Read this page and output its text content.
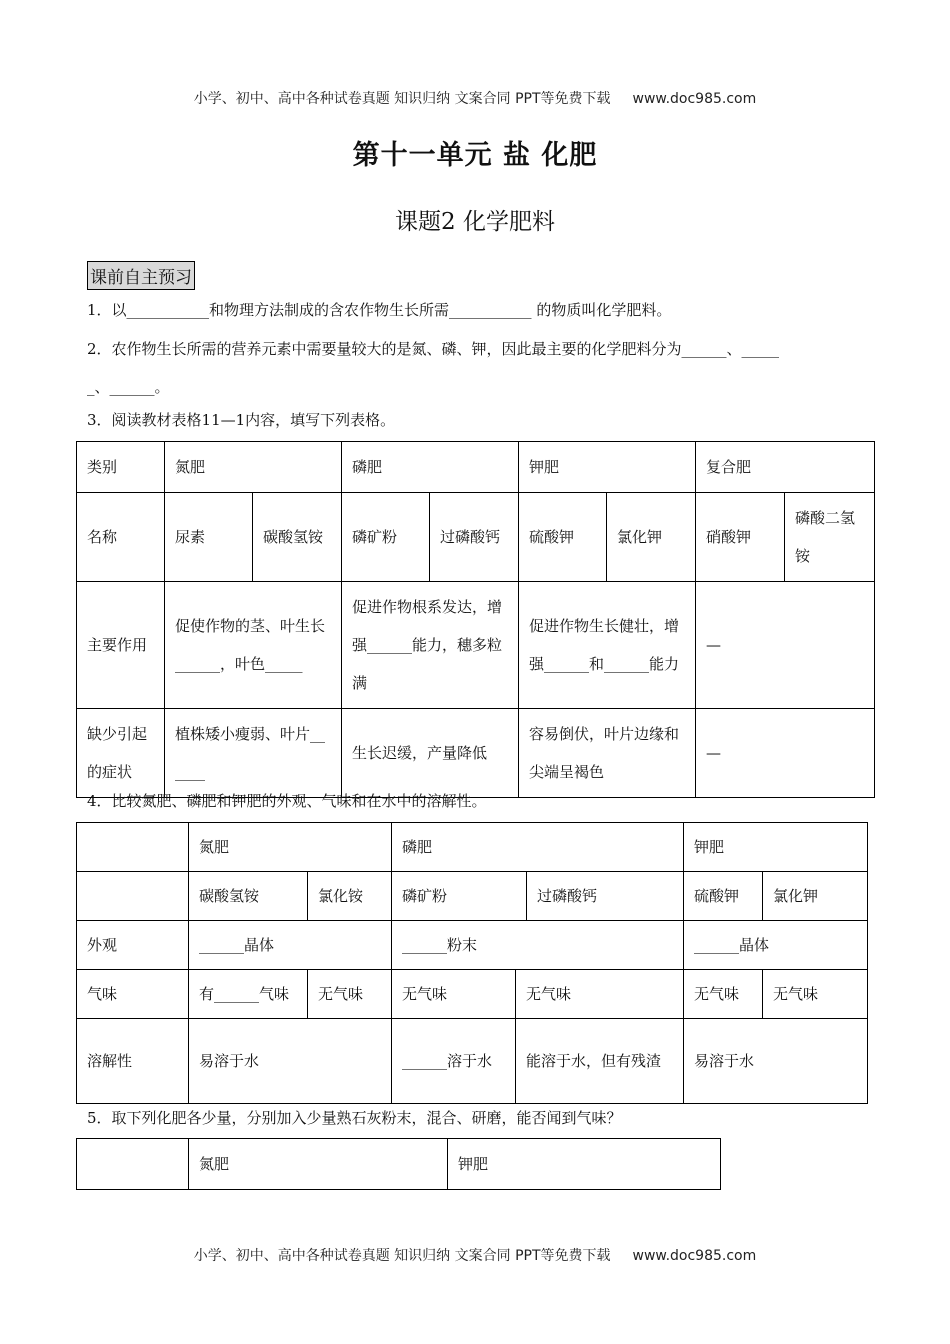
小学、初中、高中各种试卷真题 知识归纳 文案合同 PPT等免费下载 www.doc985.com
第十一单元 盐 化肥
课题2 化学肥料
课前自主预习
1．以___________和物理方法制成的含农作物生长所需___________ 的物质叫化学肥料。
2．农作物生长所需的营养元素中需要量较大的是氮、磷、钾，因此最主要的化学肥料分为______、_____
_、______。
3．阅读教材表格11—1内容，填写下列表格。
类别	氮肥		磷肥		钾肥		复合肥	
名称	尿素	碳酸氢铵	磷矿粉	过磷酸钙	硫酸钾	氯化钾	硝酸钾	磷酸二氢铵
主要作用	促使作物的茎、叶生长______，叶色_____		促进作物根系发达，增强______能力，穗多粒满		促进作物生长健壮，增强______和______能力		—	
缺少引起的症状	植株矮小瘦弱、叶片______		生长迟缓，产量降低		容易倒伏，叶片边缘和尖端呈褐色		—	
4．比较氮肥、磷肥和钾肥的外观、气味和在水中的溶解性。
	氮肥		磷肥			钾肥	
	碳酸氢铵	氯化铵	磷矿粉		过磷酸钙	硫酸钾	氯化钾
外观	______晶体		______粉末			______晶体	
气味	有______气味	无气味	无气味	无气味		无气味	无气味
溶解性	易溶于水		______溶于水	能溶于水，但有残渣		易溶于水	
5．取下列化肥各少量，分别加入少量熟石灰粉末，混合、研磨，能否闻到气味？
	氮肥	钾肥
小学、初中、高中各种试卷真题 知识归纳 文案合同 PPT等免费下载 www.doc985.com
